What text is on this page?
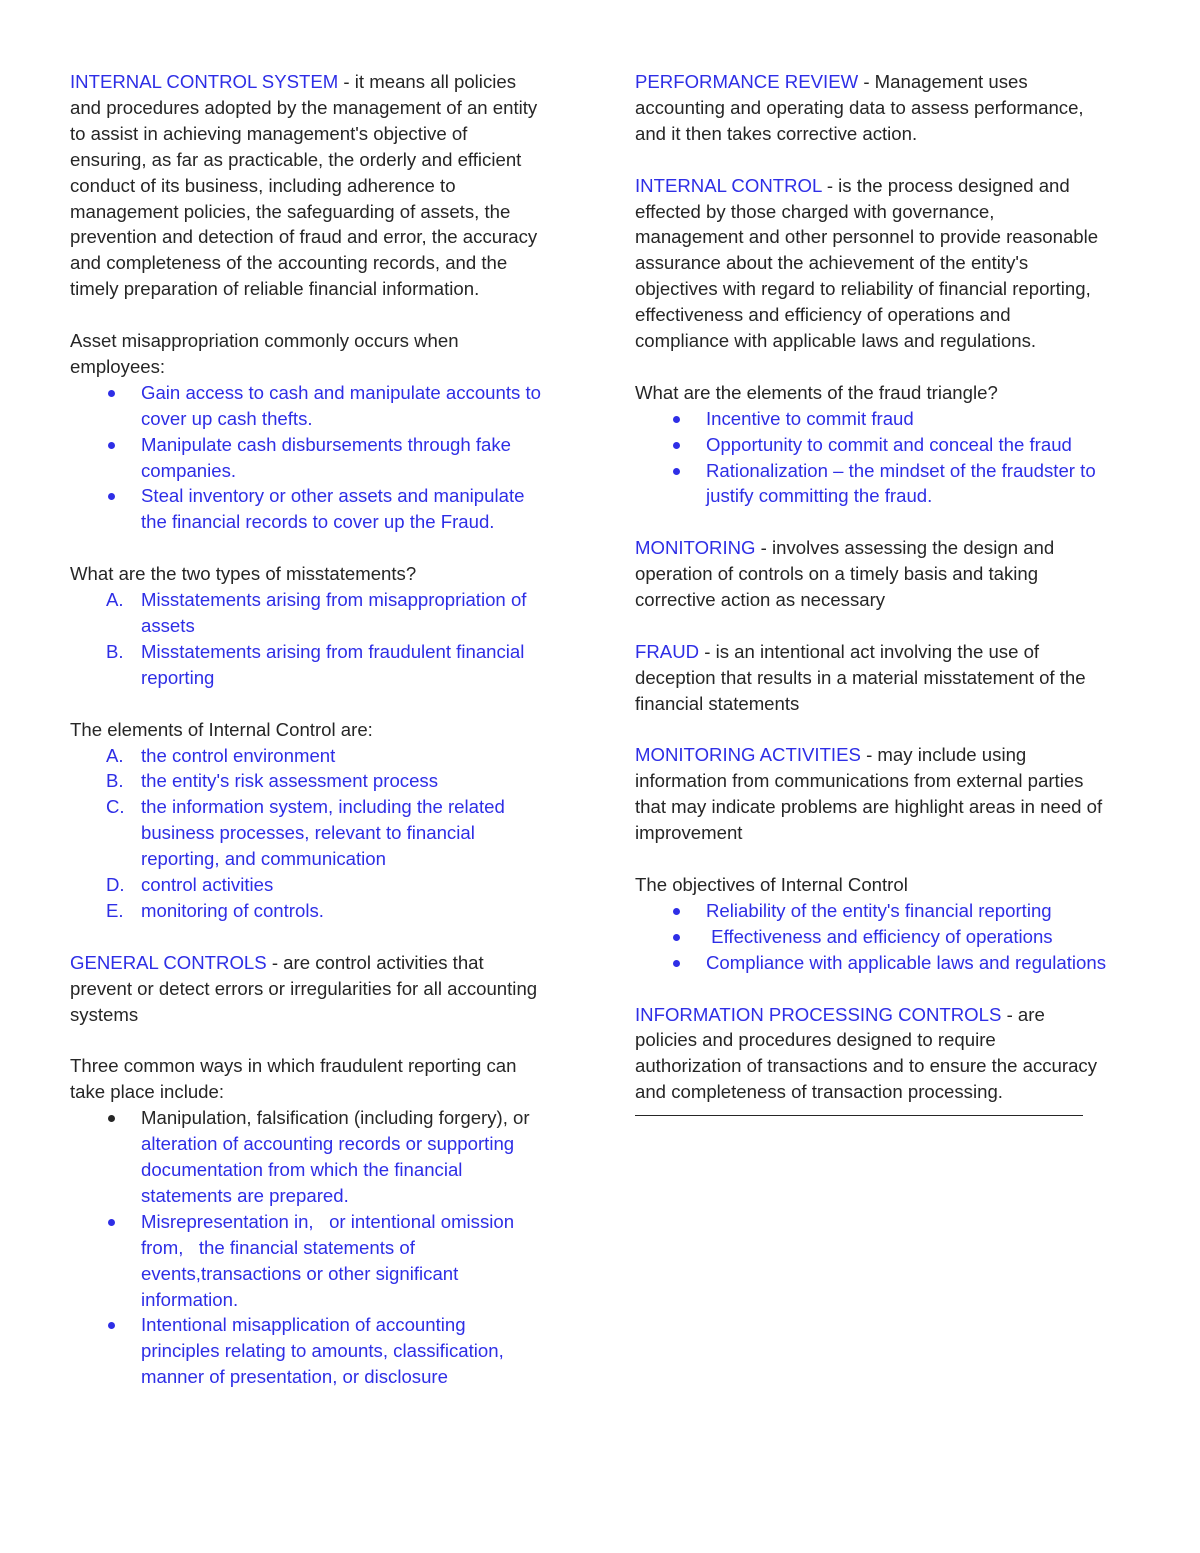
INTERNAL CONTROL SYSTEM - it means all policies

and procedures adopted by the management of an entity

to assist in achieving management's objective of

ensuring, as far as practicable, the orderly and efficient

conduct of its business, including adherence to

management policies, the safeguarding of assets, the

prevention and detection of fraud and error, the accuracy

and completeness of the accounting records, and the

timely preparation of reliable financial information.

Asset misappropriation commonly occurs when

employees:

Gain access to cash and manipulate accounts to
cover up cash thefts.
Manipulate cash disbursements through fake
companies.
Steal inventory or other assets and manipulate
the financial records to cover up the Fraud.

What are the two types of misstatements?

A. Misstatements arising from misappropriation of
assets
B. Misstatements arising from fraudulent financial
reporting

The elements of Internal Control are:

A. the control environment
B. the entity's risk assessment process
C. the information system, including the related
business processes, relevant to financial
reporting, and communication
D. control activities
E. monitoring of controls.

GENERAL CONTROLS - are control activities that

prevent or detect errors or irregularities for all accounting

systems

Three common ways in which fraudulent reporting can

take place include:

Manipulation, falsification (including forgery), or
alteration of accounting records or supporting
documentation from which the financial
statements are prepared.
Misrepresentation in,   or intentional omission
from,   the financial statements of
events,transactions or other significant
information.
Intentional misapplication of accounting
principles relating to amounts, classification,
manner of presentation, or disclosure

PERFORMANCE REVIEW - Management uses

accounting and operating data to assess performance,

and it then takes corrective action.

INTERNAL CONTROL - is the process designed and

effected by those charged with governance,

management and other personnel to provide reasonable

assurance about the achievement of the entity's

objectives with regard to reliability of financial reporting,

effectiveness and efficiency of operations and

compliance with applicable laws and regulations.

What are the elements of the fraud triangle?

Incentive to commit fraud
Opportunity to commit and conceal the fraud
Rationalization – the mindset of the fraudster to
justify committing the fraud.

MONITORING - involves assessing the design and

operation of controls on a timely basis and taking

corrective action as necessary

FRAUD - is an intentional act involving the use of

deception that results in a material misstatement of the

financial statements

MONITORING ACTIVITIES - may include using

information from communications from external parties

that may indicate problems are highlight areas in need of

improvement

The objectives of Internal Control

Reliability of the entity's financial reporting
Effectiveness and efficiency of operations
Compliance with applicable laws and regulations

INFORMATION PROCESSING CONTROLS - are

policies and procedures designed to require

authorization of transactions and to ensure the accuracy

and completeness of transaction processing.
